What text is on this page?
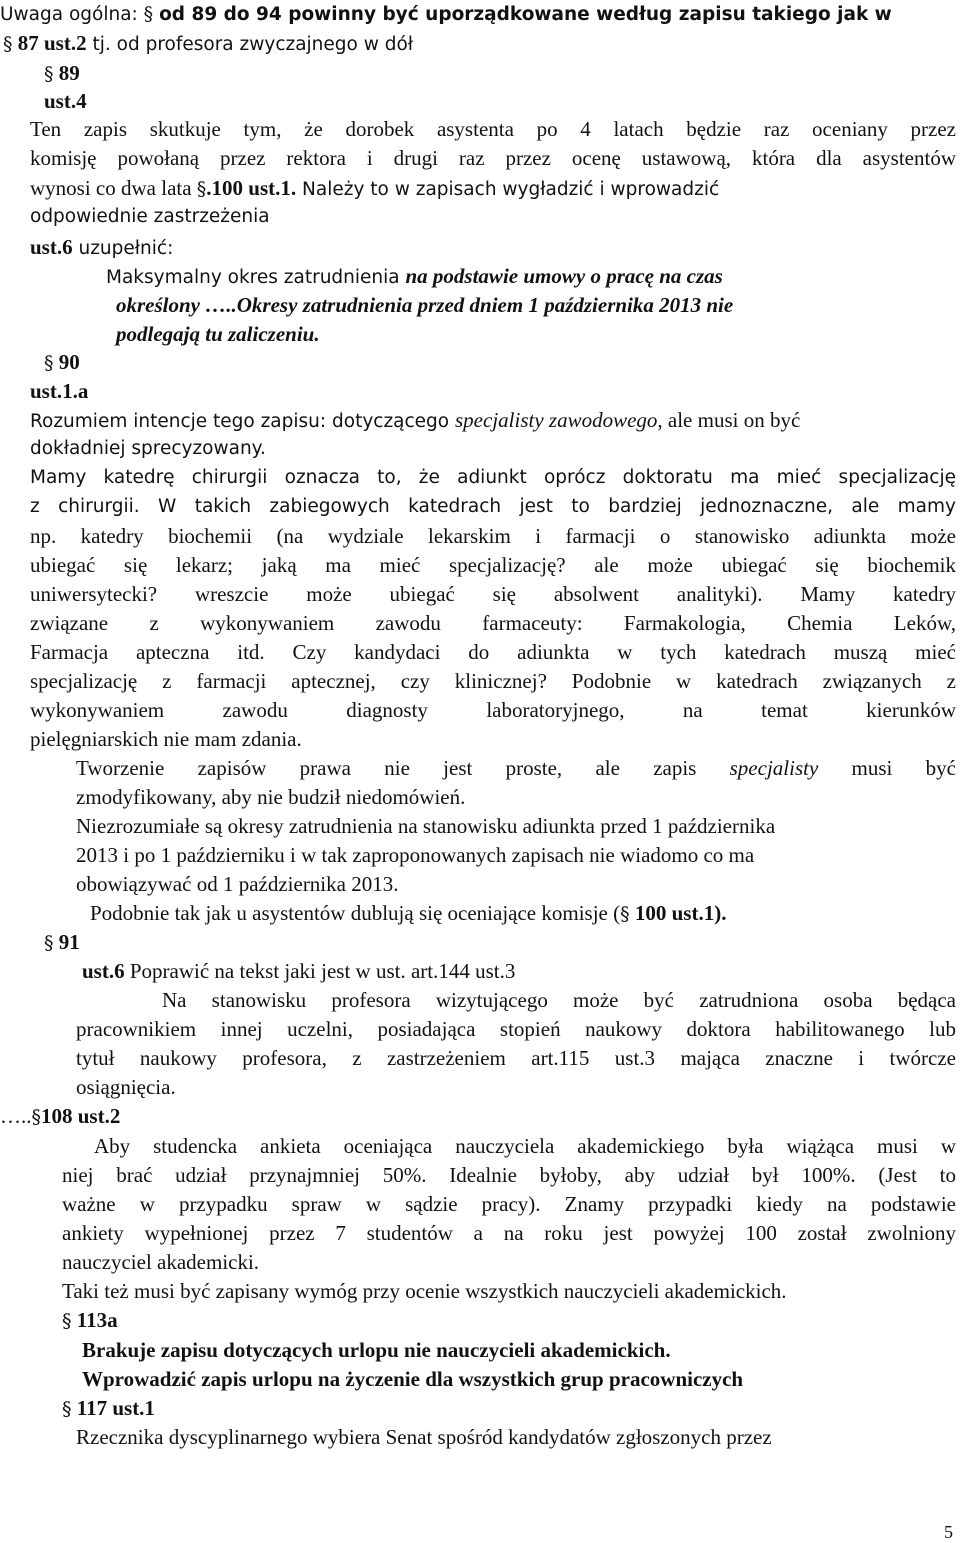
Uwaga ogólna: § od 89 do 94 powinny być uporządkowane według zapisu takiego jak w
§ 87 ust.2 tj. od profesora zwyczajnego w dół
§ 89
ust.4
Ten zapis skutkuje tym, że dorobek asystenta po 4 latach będzie raz oceniany przez
komisję powołaną przez rektora i drugi raz przez ocenę ustawową, która dla asystentów
wynosi co dwa lata §.100 ust.1. Należy to w zapisach wygładzić i wprowadzić
odpowiednie zastrzeżenia
ust.6 uzupełnić:
Maksymalny okres zatrudnienia na podstawie umowy o pracę na czas
określony …..Okresy zatrudnienia przed dniem 1 października 2013 nie
podlegają tu zaliczeniu.
§ 90
ust.1.a
Rozumiem intencje tego zapisu: dotyczącego specjalisty zawodowego, ale musi on być
dokładniej sprecyzowany.
Mamy katedrę chirurgii oznacza to, że adiunkt oprócz doktoratu ma mieć specjalizację
z chirurgii. W takich zabiegowych katedrach jest to bardziej jednoznaczne, ale mamy
np. katedry biochemii (na wydziale lekarskim i farmacji o stanowisko adiunkta może
ubiegać się lekarz; jaką ma mieć specjalizację? ale może ubiegać się biochemik
uniwersytecki? wreszcie może ubiegać się absolwent analityki). Mamy katedry
związane z wykonywaniem zawodu farmaceuty: Farmakologia, Chemia Leków,
Farmacja apteczna itd. Czy kandydaci do adiunkta w tych katedrach muszą mieć
specjalizację z farmacji aptecznej, czy klinicznej? Podobnie w katedrach związanych z
wykonywaniem zawodu diagnosty laboratoryjnego, na temat kierunków
pielęgniarskich nie mam zdania.
Tworzenie zapisów prawa nie jest proste, ale zapis specjalisty musi być
zmodyfikowany, aby nie budził niedomówień.
Niezrozumiałe są okresy zatrudnienia na stanowisku adiunkta przed 1 października
2013 i po 1 październiku i w tak zaproponowanych zapisach nie wiadomo co ma
obowiązywać od 1 października 2013.
Podobnie tak jak u asystentów dublują się oceniające komisje (§ 100 ust.1).
§ 91
ust.6 Poprawić na tekst jaki jest w ust. art.144 ust.3
Na stanowisku profesora wizytującego może być zatrudniona osoba będąca
pracownikiem innej uczelni, posiadająca stopień naukowy doktora habilitowanego lub
tytuł naukowy profesora, z zastrzeżeniem art.115 ust.3 mająca znaczne i twórcze
osiągnięcia.
…..§108 ust.2
Aby studencka ankieta oceniająca nauczyciela akademickiego była wiążąca musi w
niej brać udział przynajmniej 50%. Idealnie byłoby, aby udział był 100%. (Jest to
ważne w przypadku spraw w sądzie pracy). Znamy przypadki kiedy na podstawie
ankiety wypełnionej przez 7 studentów a na roku jest powyżej 100 został zwolniony
nauczyciel akademicki.
Taki też musi być zapisany wymóg przy ocenie wszystkich nauczycieli akademickich.
§ 113a
Brakuje zapisu dotyczących urlopu nie nauczycieli akademickich.
Wprowadzić zapis urlopu na życzenie dla wszystkich grup pracowniczych
§ 117 ust.1
Rzecznika dyscyplinarnego wybiera Senat spośród kandydatów zgłoszonych przez
5
